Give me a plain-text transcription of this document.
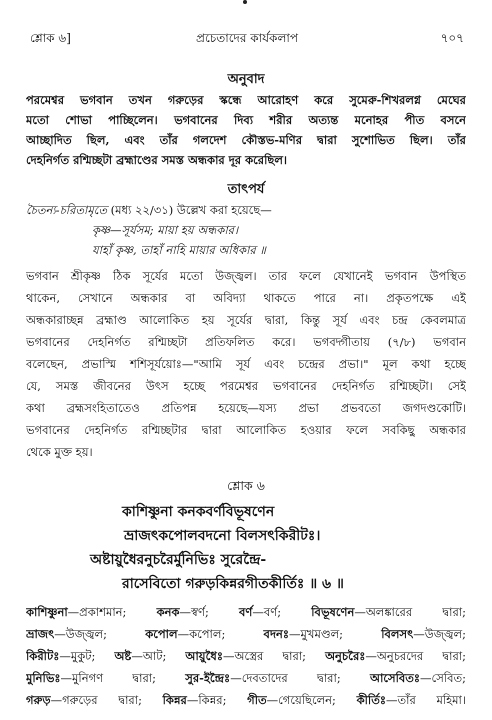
শ্লোক ৬]	প্রচেতাদের কার্যকলাপ	৭০৭
অনুবাদ
পরমেশ্বর ভগবান তখন গরুড়ের স্কন্ধে আরোহণ করে সুমেরু-শিখরলগ্ন মেঘের
মতো শোভা পাচ্ছিলেন। ভগবানের দিব্য শরীর অত্যন্ত মনোহর পীত বসনে
আচ্ছাদিত ছিল, এবং তাঁর গলদেশ কৌস্তভ-মণির দ্বারা সুশোভিত ছিল। তাঁর
দেহনির্গত রশ্মিচ্ছটা ব্রহ্মাণ্ডের সমস্ত অন্ধকার দূর করেছিল।
তাৎপর্য
চৈতন্য-চরিতামৃতে (মধ্য ২২/৩১) উল্লেখ করা হয়েছে—
কৃষ্ণ—সূর্যসম; মায়া হয় অন্ধকার।
যাহাঁ কৃষ্ণ, তাহাঁ নাহি মায়ার অধিকার ॥
ভগবান শ্রীকৃষ্ণ ঠিক সূর্যের মতো উজ্জ্বল। তার ফলে যেখানেই ভগবান উপস্থিত
থাকেন, সেখানে অন্ধকার বা অবিদ্যা থাকতে পারে না। প্রকৃতপক্ষে এই
অন্ধকারাচ্ছন্ন ব্রহ্মাণ্ড আলোকিত হয় সূর্যের দ্বারা, কিন্তু সূর্য এবং চন্দ্র কেবলমাত্র
ভগবানের দেহনির্গত রশ্মিচ্ছটা প্রতিফলিত করে। ভগবদ্গীতায় (৭/৮) ভগবান
বলেছেন, প্রভাস্মি শশিসূর্যয়োঃ—"আমি সূর্য এবং চন্দ্রের প্রভা।" মূল কথা হচ্ছে
যে, সমস্ত জীবনের উৎস হচ্ছে পরমেশ্বর ভগবানের দেহনির্গত রশ্মিচ্ছটা। সেই
কথা ব্রহ্মসংহিতাতেও প্রতিপন্ন হয়েছে—যস্য প্রভা প্রভবতো জগদণ্ডকোটি।
ভগবানের দেহনির্গত রশ্মিচ্ছটার দ্বারা আলোকিত হওয়ার ফলে সবকিছু অন্ধকার
থেকে মুক্ত হয়।
শ্লোক ৬
কাশিষ্ণুনা কনকবর্ণবিভূষণেন
ভ্রাজৎকপোলবদনো বিলসৎকিরীটঃ।
অষ্টায়ুধৈরনুচরৈর্মুনিভিঃ সুরেন্দ্রৈ-
রাসেবিতো গরুড়কিন্নরগীতকীর্তিঃ ॥ ৬ ॥
কাশিষ্ণুনা—প্রকাশমান; কনক—স্বর্ণ; বর্ণ—বর্ণ; বিভূষণেন—অলঙ্কারের দ্বারা;
ভ্রাজৎ—উজ্জ্বল; কপোল—কপোল; বদনঃ—মুখমণ্ডল; বিলসৎ—উজ্জ্বল;
কিরীটঃ—মুকুট; অষ্ট—আট; আয়ুধৈঃ—অস্ত্রের দ্বারা; অনুচরৈঃ—অনুচরদের দ্বারা;
মুনিভিঃ—মুনিগণ দ্বারা; সুর-ইন্দ্রৈঃ—দেবতাদের দ্বারা; আসেবিতঃ—সেবিত;
গরুড়—গরুড়ের দ্বারা; কিন্নর—কিন্নর; গীত—গেয়েছিলেন; কীর্তিঃ—তাঁর মহিমা।
